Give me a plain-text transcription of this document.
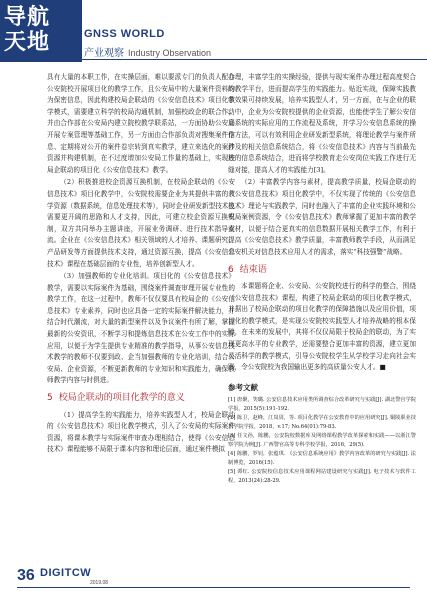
导航
天地	GNSS WORLD
产业观察 Industry Observation

具有大量的本职工作，在实操层面，难以要派专门的负责人配合公安院校开展项目化的教学工作，且公安局中的大量案件资料均为保密信息，因此构建校局企联动的《公安信息技术》项目化教学模式，需要建立科学的校局沟通机制，加强校政企的联合作，并由合作部在公安局内建立院校教学联系站，一方面协助公安局开展专案管理等基础工作，另一方面由合作部负责对搜集案件信息、定期将对公开的案件卷宗转到真实教学，建立来选化的案件资源并构建机制，在不过度增加公安局工作量的基础上，实现校局企联动的项目化《公安信息技术》教学。

（2）积极推进校企资源互换机制，在校局企联动的《公安信息技术》项目化教学中，公安院校需要企业为其提供丰富的教学资源（数据系统，信息处理技术等），同时企业研发新型技术也需要更开阔的思路和人才支持，因此，可建立校企资源互换机制，双方共同举办主题讲座，开展业务调研、进行技术指导交流。企业在《公安信息技术》相关领域的人才培养、课题研究、产品研发等方面提供技术支持，通过资源互换，提高《公安信息技术》课程在基础层面的专业性，培养创新型人才。

（3）加强教师的专业化培训。项目化的《公安信息技术》教学，需要以实际案件为基础，围绕案件调查审理开展专业性的教学工作，在这一过程中，教师不仅仅要具有校局企的《公安信息技术》专业素养，同时也应具备一定的实际案件解决能力，并结合时代潮流，对大量的新型案件以及争议案件有所了解，掌握最新的公安资讯，不断学习和提炼信息技术在公安工作中的实际应用，以便于为学生提供专业精准的教学指导，从事公安信息技术教学的教师不仅要到政、企当加强教师的专业化培训，结合公安局、企业资源，不断更新教师的专业知识和实践能力，确保教师教学内容与时俱进。

5 校局企联动的项目化教学的意义

（1）提高学生的实践能力，培养实践型人才，校局企联动的《公安信息技术》项目化教学模式，引入了公安局的实际案件资源，将课本教学与实际案件审查办理相结合，使得《公安信息技术》课程能够不局限于课本内容和理论层面，通过案件模拟

办理，丰富学生的实操经验，提供与现实案件办理过程高度契合的教学平台，进而提高学生的实践能力。贴近实战，保障实践教学效果可持续发展，培养实践型人才，另一方面，在与企业的联动中，企业为公安院校提供的企业资源，也能使学生了解公安信息系统的实际应用的工作流程及系统，并学习公安信息系统的操作方法，可以有效利用企业研发新型系统，将理论教学与案件所涉及的相关信息系统结合，将《公安信息技术》内容与当前最先进的信息系统结合，进而将学校教育走公安岗位实践工作进行无缝对接，提高人才的实践能力[3]。

（2）丰富教学内容与素材，提高教学质量，校局企联动的《公安信息技术》项目化教学中，不仅实现了传统的《公安信息技术》理论与实践教学，同时也融入了丰富的企业实践环境和公安局案例资源，令《公安信息技术》教师掌握了更加丰富的教学素材，以便于结合更真实的信息数据开展相关教学工作，有利于提高《公安信息技术》教学质量，丰富教师教学手段，从而满足公安机关对信息技术应用人才的需求，落实“科技强警”战略。

6 结束语

本课题将企业、公安局、公安院校进行的科学的整合，围绕《公安信息技术》课程，构建了校局企联动的项目化教学模式，并据出了校局企联动的项目化教学的保障措施以及应用价值，项目化的教学模式，是实现公安院校实践型人才培养战略的根本保障，在未来的发展中，其将不仅仅局限于校局企的联动，为了实现更高水平的专业教学，还需要整合更加丰富的资源，建立更加灵活科学的教学模式，引导公安院校学生从学校学习走向社会实践，令公安院校为我国输出更多的高质量公安人才。■

参考文献
[1] 唐聚，笑璐. 公安信息技术应用类所调查综合改革研究与实践[J]. 湖北警官学院学报，2015(5):191-192.
[2] 陈卫，赵峰，江岚周，等. 项目化教学在公安教育中的应用研究[J]. 铜陵职业技术学院学报，2018，v.17; No.64(01):79-83.
[3] 任文孙，陈鹏，公安院校数据库及网络课程教学改革探索和实践——以浙江警察学院为例[J]. 广西警官高等专科学校学报，2016，29(5).
[4] 陈鹏，罗钊，张蕴琪. 《公安信息系统应用》教学内容改革的研究与实践[J]. 法制博览，2016(15).
[5] 谭红. 公安院校信息技术应用课程网站建设研究与实践[J]. 电子技术与软件工程，2013(24):28-29.
36 DIGITCW
2019.08
